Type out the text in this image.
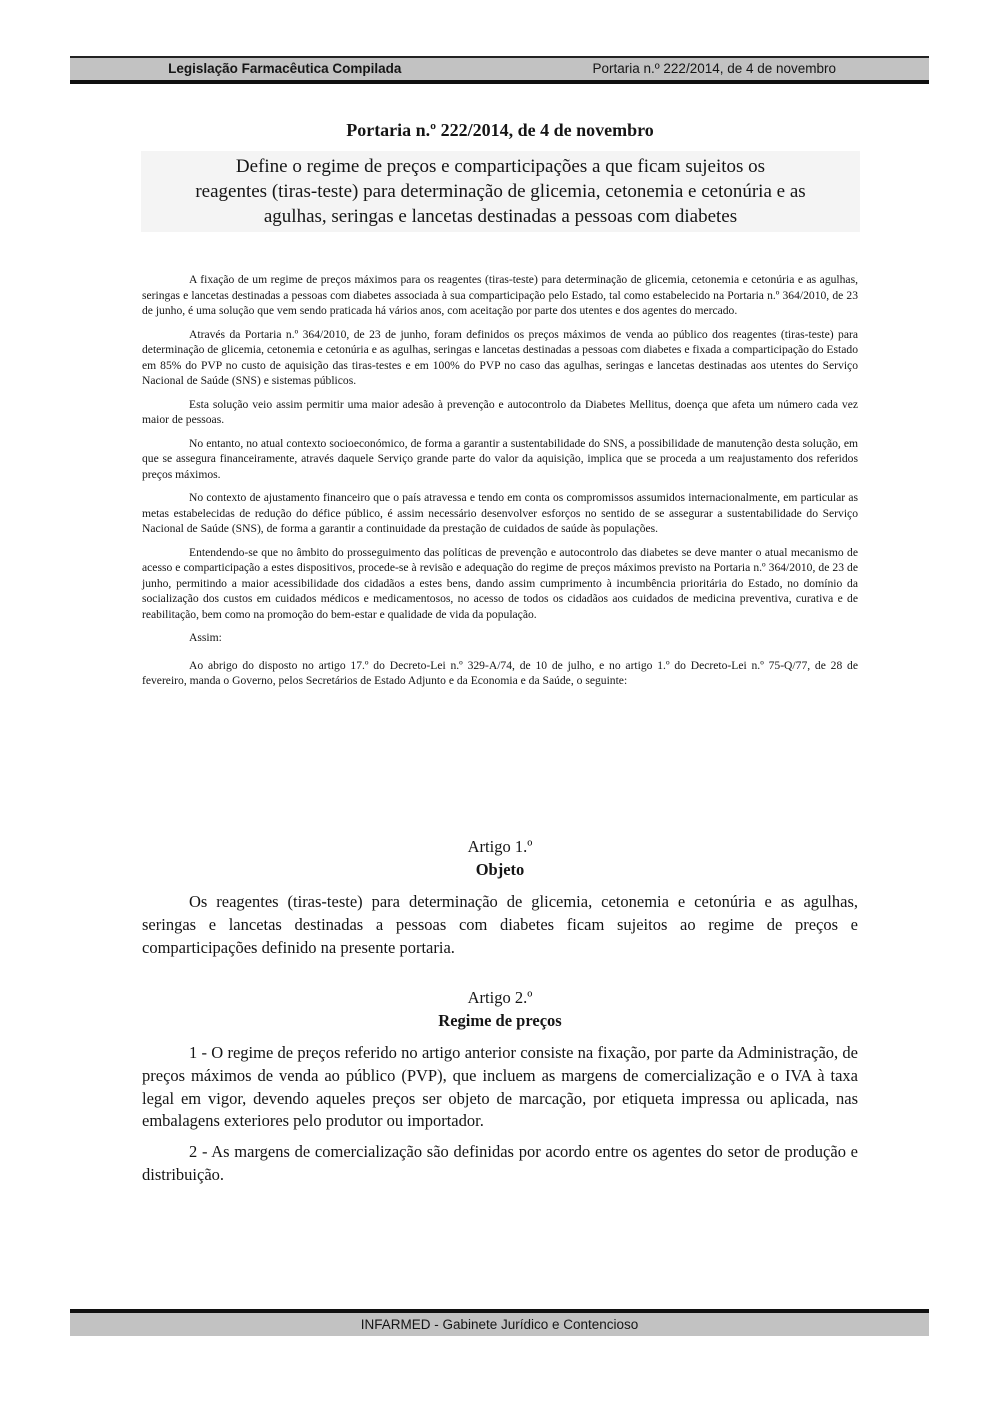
Legislação Farmacêutica Compilada	Portaria n.º 222/2014, de 4 de novembro
Portaria n.º 222/2014, de 4 de novembro
Define o regime de preços e comparticipações a que ficam sujeitos os
reagentes (tiras-teste) para determinação de glicemia, cetonemia e cetonúria e as
agulhas, seringas e lancetas destinadas a pessoas com diabetes

A fixação de um regime de preços máximos para os reagentes (tiras-teste) para determinação de glicemia, cetonemia e cetonúria e as agulhas, seringas e lancetas destinadas a pessoas com diabetes associada à sua comparticipação pelo Estado, tal como estabelecido na Portaria n.º 364/2010, de 23 de junho, é uma solução que vem sendo praticada há vários anos, com aceitação por parte dos utentes e dos agentes do mercado.

Através da Portaria n.º 364/2010, de 23 de junho, foram definidos os preços máximos de venda ao público dos reagentes (tiras-teste) para determinação de glicemia, cetonemia e cetonúria e as agulhas, seringas e lancetas destinadas a pessoas com diabetes e fixada a comparticipação do Estado em 85% do PVP no custo de aquisição das tiras-testes e em 100% do PVP no caso das agulhas, seringas e lancetas destinadas aos utentes do Serviço Nacional de Saúde (SNS) e sistemas públicos.

Esta solução veio assim permitir uma maior adesão à prevenção e autocontrolo da Diabetes Mellitus, doença que afeta um número cada vez maior de pessoas.

No entanto, no atual contexto socioeconómico, de forma a garantir a sustentabilidade do SNS, a possibilidade de manutenção desta solução, em que se assegura financeiramente, através daquele Serviço grande parte do valor da aquisição, implica que se proceda a um reajustamento dos referidos preços máximos.

No contexto de ajustamento financeiro que o país atravessa e tendo em conta os compromissos assumidos internacionalmente, em particular as metas estabelecidas de redução do défice público, é assim necessário desenvolver esforços no sentido de se assegurar a sustentabilidade do Serviço Nacional de Saúde (SNS), de forma a garantir a continuidade da prestação de cuidados de saúde às populações.

Entendendo-se que no âmbito do prosseguimento das políticas de prevenção e autocontrolo das diabetes se deve manter o atual mecanismo de acesso e comparticipação a estes dispositivos, procede-se à revisão e adequação do regime de preços máximos previsto na Portaria n.º 364/2010, de 23 de junho, permitindo a maior acessibilidade dos cidadãos a estes bens, dando assim cumprimento à incumbência prioritária do Estado, no domínio da socialização dos custos em cuidados médicos e medicamentosos, no acesso de todos os cidadãos aos cuidados de medicina preventiva, curativa e de reabilitação, bem como na promoção do bem-estar e qualidade de vida da população.

Assim:

Ao abrigo do disposto no artigo 17.º do Decreto-Lei n.º 329-A/74, de 10 de julho, e no artigo 1.º do Decreto-Lei n.º 75-Q/77, de 28 de fevereiro, manda o Governo, pelos Secretários de Estado Adjunto e da Economia e da Saúde, o seguinte:

Artigo 1.º
Objeto

Os reagentes (tiras-teste) para determinação de glicemia, cetonemia e cetonúria e as agulhas, seringas e lancetas destinadas a pessoas com diabetes ficam sujeitos ao regime de preços e comparticipações definido na presente portaria.

Artigo 2.º
Regime de preços

1 - O regime de preços referido no artigo anterior consiste na fixação, por parte da Administração, de preços máximos de venda ao público (PVP), que incluem as margens de comercialização e o IVA à taxa legal em vigor, devendo aqueles preços ser objeto de marcação, por etiqueta impressa ou aplicada, nas embalagens exteriores pelo produtor ou importador.

2 - As margens de comercialização são definidas por acordo entre os agentes do setor de produção e distribuição.

INFARMED - Gabinete Jurídico e Contencioso
